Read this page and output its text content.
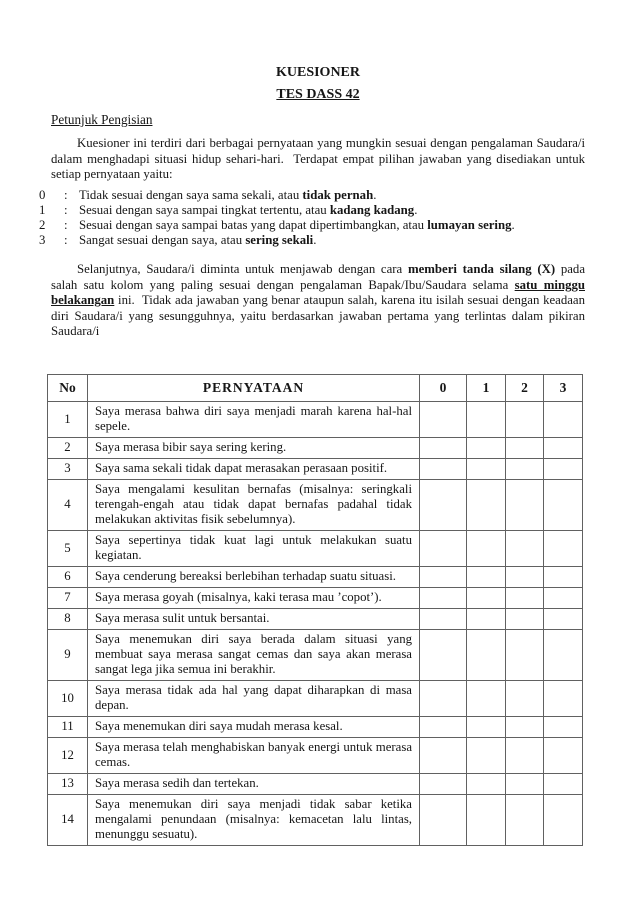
KUESIONER
TES DASS 42
Petunjuk Pengisian

Kuesioner ini terdiri dari berbagai pernyataan yang mungkin sesuai dengan pengalaman Saudara/i dalam menghadapi situasi hidup sehari-hari.  Terdapat empat pilihan jawaban yang disediakan untuk setiap pernyataan yaitu:

0	: Tidak sesuai dengan saya sama sekali, atau tidak pernah.
1	: Sesuai dengan saya sampai tingkat tertentu, atau kadang kadang.
2	: Sesuai dengan saya sampai batas yang dapat dipertimbangkan, atau lumayan sering.
3	: Sangat sesuai dengan saya, atau sering sekali.

Selanjutnya, Saudara/i diminta untuk menjawab dengan cara memberi tanda silang (X) pada salah satu kolom yang paling sesuai dengan pengalaman Bapak/Ibu/Saudara selama satu minggu belakangan ini.  Tidak ada jawaban yang benar ataupun salah, karena itu isilah sesuai dengan keadaan diri Saudara/i yang sesungguhnya, yaitu berdasarkan jawaban pertama yang terlintas dalam pikiran Saudara/i

No	PERNYATAAN	0	1	2	3
1	Saya merasa bahwa diri saya menjadi marah karena hal-hal sepele.				
2	Saya merasa bibir saya sering kering.				
3	Saya sama sekali tidak dapat merasakan perasaan positif.				
4	Saya mengalami kesulitan bernafas (misalnya: seringkali terengah-engah atau tidak dapat bernafas padahal tidak melakukan aktivitas fisik sebelumnya).				
5	Saya sepertinya tidak kuat lagi untuk melakukan suatu kegiatan.				
6	Saya cenderung bereaksi berlebihan terhadap suatu situasi.				
7	Saya merasa goyah (misalnya, kaki terasa mau ’copot’).				
8	Saya merasa sulit untuk bersantai.				
9	Saya menemukan diri saya berada dalam situasi yang membuat saya merasa sangat cemas dan saya akan merasa sangat lega jika semua ini berakhir.				
10	Saya merasa tidak ada hal yang dapat diharapkan di masa depan.				
11	Saya menemukan diri saya mudah merasa kesal.				
12	Saya merasa telah menghabiskan banyak energi untuk merasa cemas.				
13	Saya merasa sedih dan tertekan.				
14	Saya menemukan diri saya menjadi tidak sabar ketika mengalami penundaan (misalnya: kemacetan lalu lintas, menunggu sesuatu).				
